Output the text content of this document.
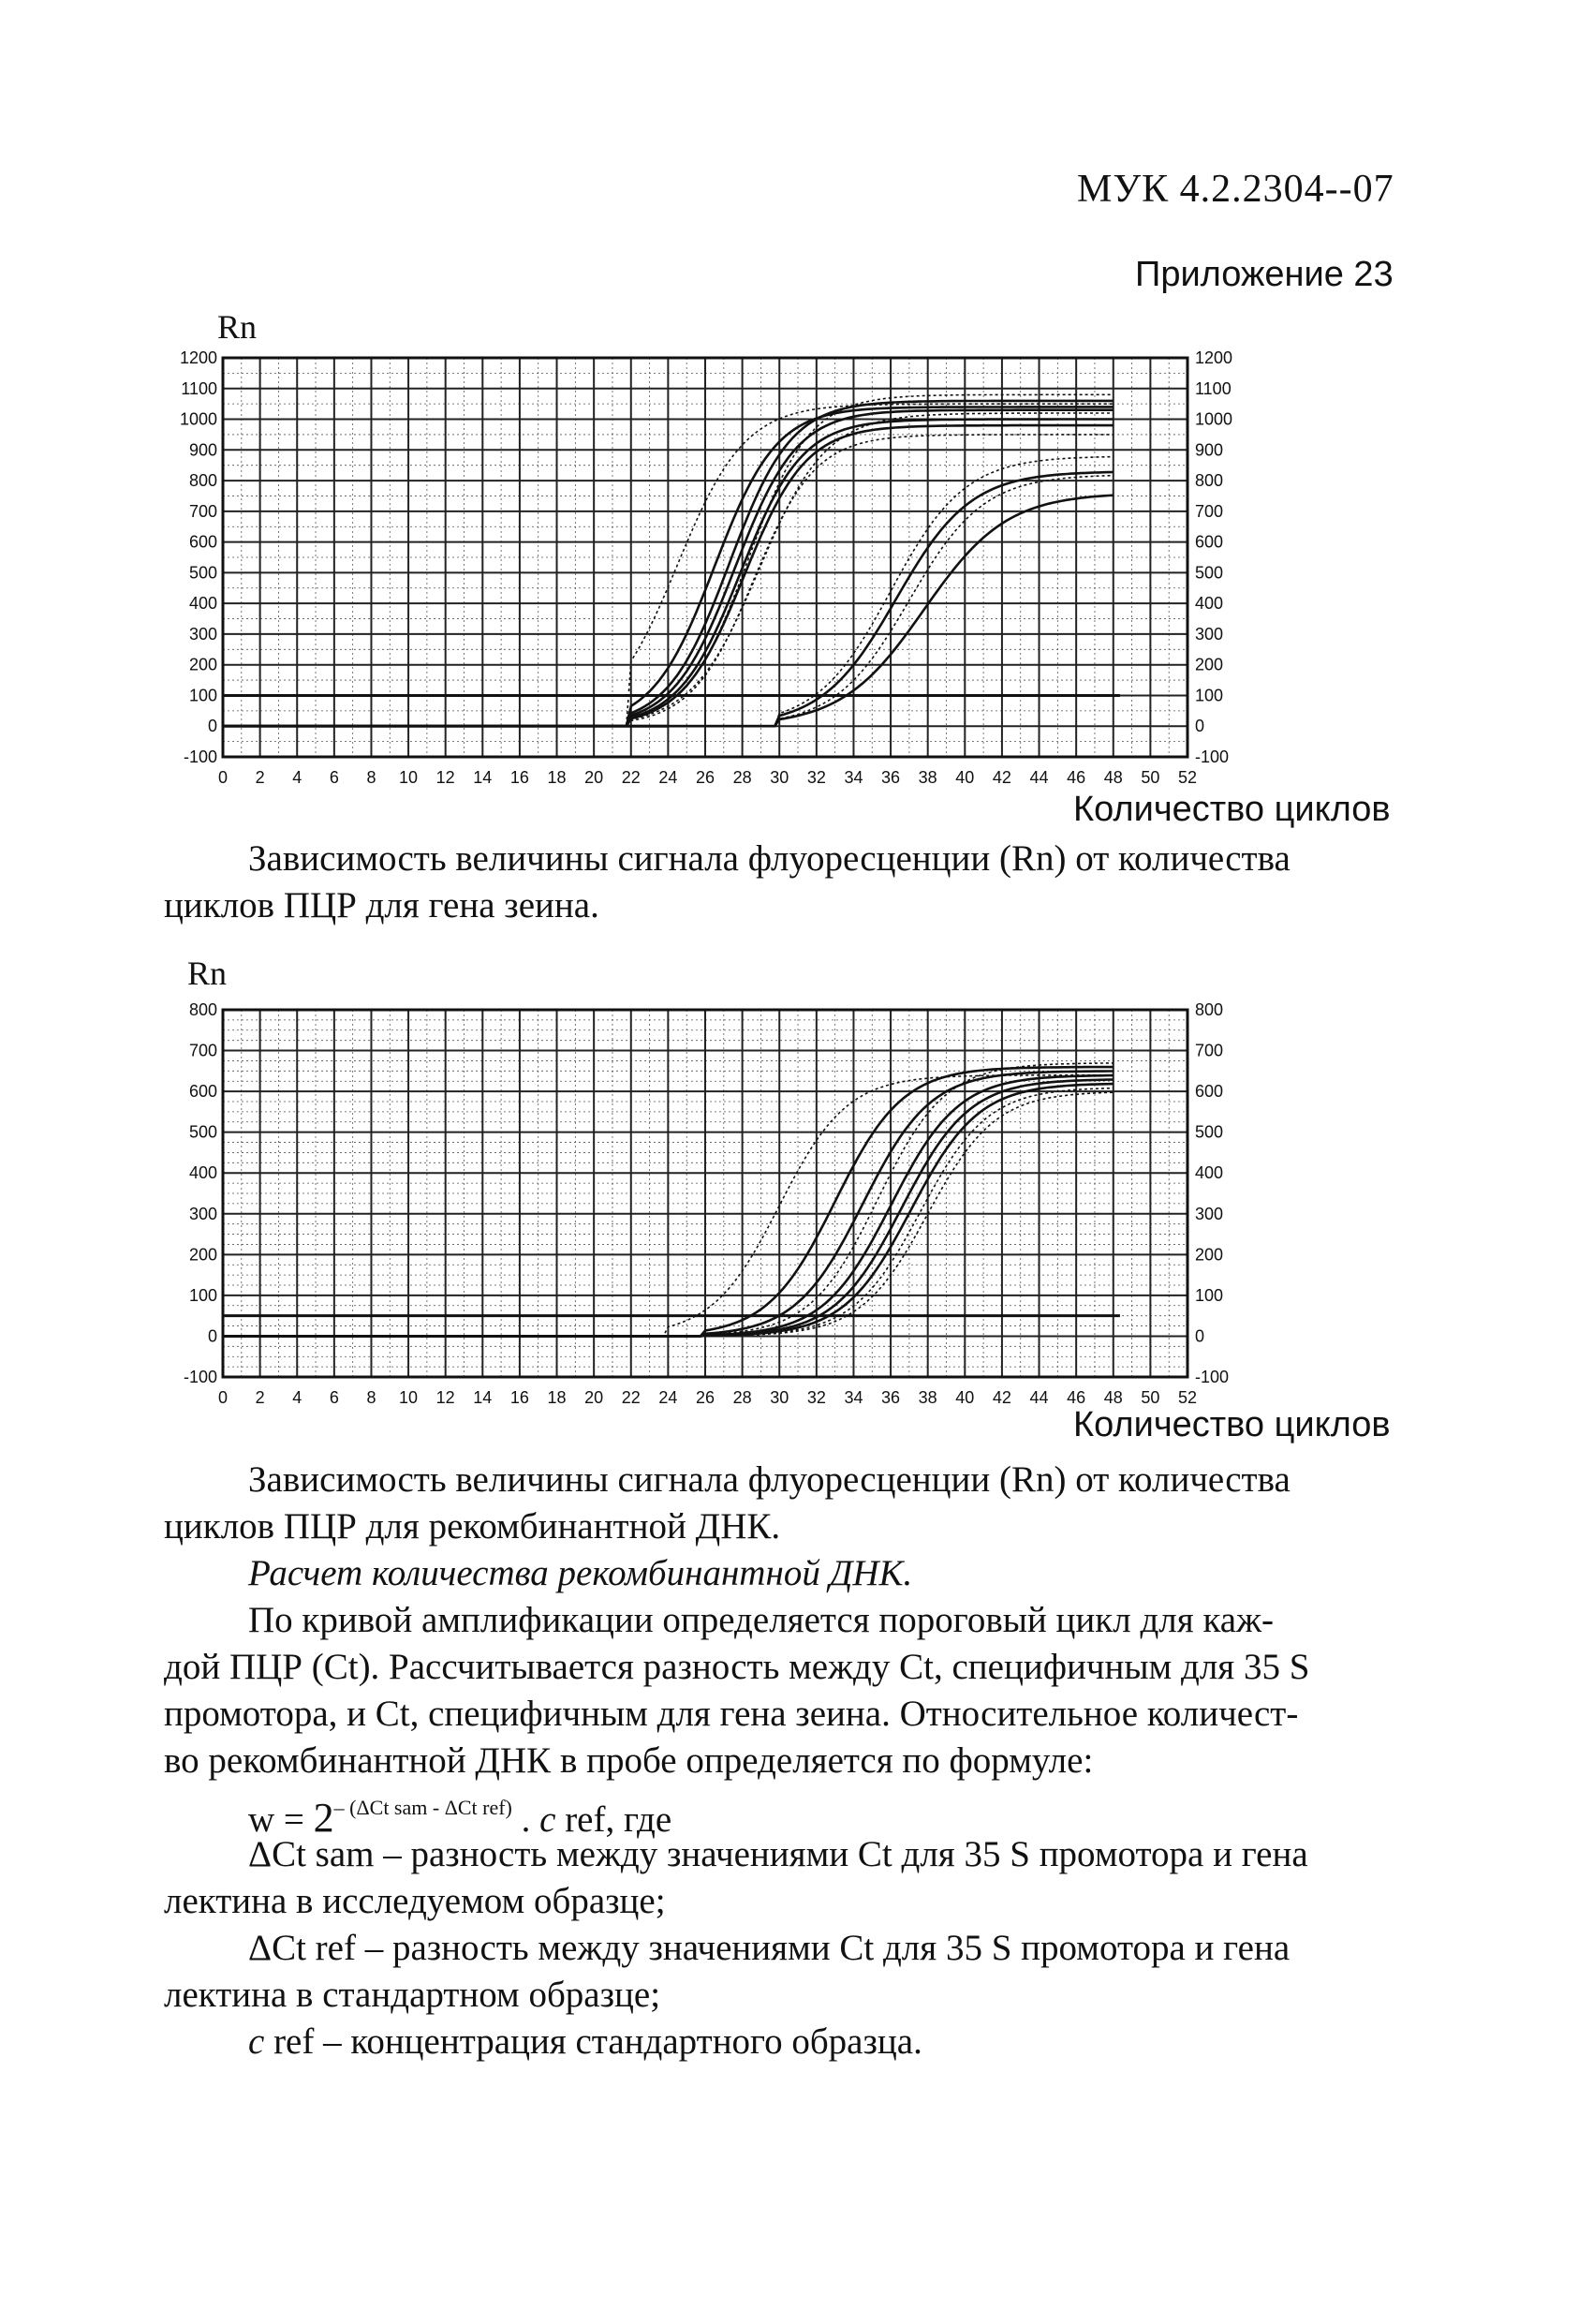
МУК 4.2.2304--07
Приложение 23
Rn
0 2 4 6 8 10 12 14 16 18 20 22 24 26 28 30 32 34 36 38 40 42 44 46 48 50 52
1200
1100
1000
900
800
700
600
500
400
300
200
100
0
-100
1200
1100
1000
900
800
700
600
500
400
300
200
100
0
-100
Количество циклов
Зависимость величины сигнала флуоресценции (Rn) от количества
циклов ПЦР для гена зеина.
Rn
0 2 4 6 8 10 12 14 16 18 20 22 24 26 28 30 32 34 36 38 40 42 44 46 48 50 52
800
700
600
500
400
300
200
100
0
-100
800
700
600
500
400
300
200
100
0
-100
Количество циклов
Зависимость величины сигнала флуоресценции (Rn) от количества
циклов ПЦР для рекомбинантной ДНК.
Расчет количества рекомбинантной ДНК.
По кривой амплификации определяется пороговый цикл для каж-
дой ПЦР (Ct). Рассчитывается разность между Ct, специфичным для 35 S
промотора, и Ct, специфичным для гена зеина. Относительное количест-
во рекомбинантной ДНК в пробе определяется по формуле:
$w = 2^{- (\Delta Ct sam - \Delta Ct ref)}$ . c ref, где
ΔCt sam – разность между значениями Ct для 35 S промотора и гена
лектина в исследуемом образце;
ΔCt ref – разность между значениями Ct для 35 S промотора и гена
лектина в стандартном образце;
c ref – концентрация стандартного образца.
